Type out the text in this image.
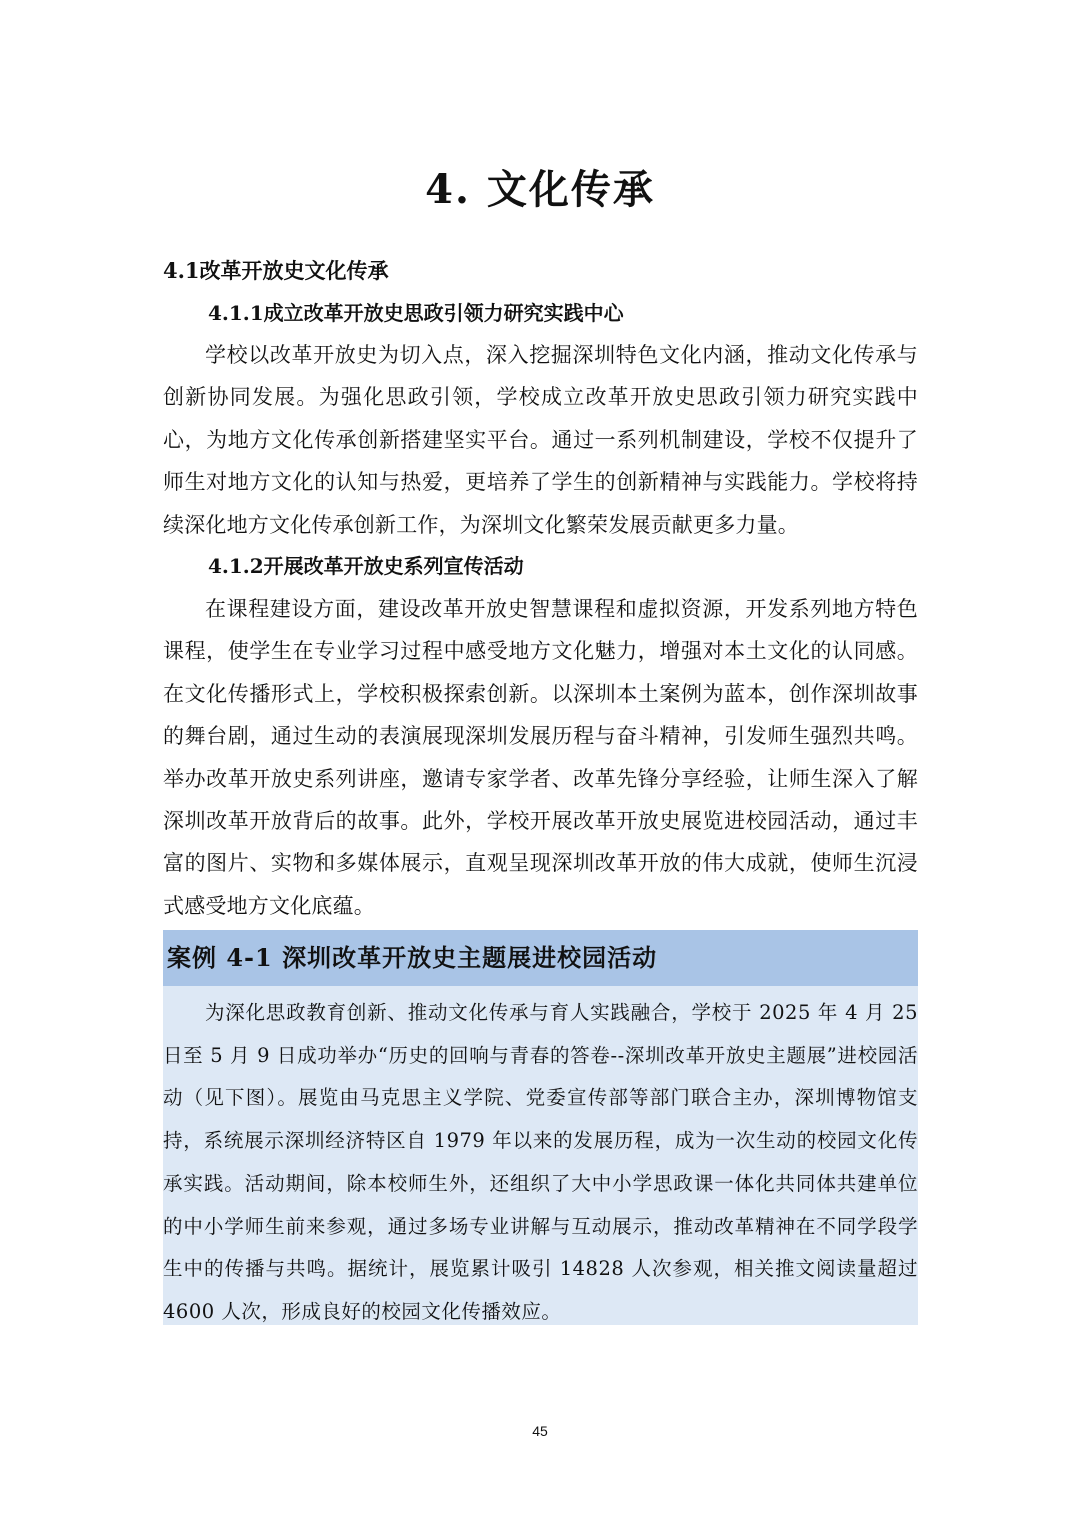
4. 文化传承
4.1改革开放史文化传承
4.1.1成立改革开放史思政引领力研究实践中心

学校以改革开放史为切入点，深入挖掘深圳特色文化内涵，推动文化传承与创新协同发展。为强化思政引领，学校成立改革开放史思政引领力研究实践中心，为地方文化传承创新搭建坚实平台。通过一系列机制建设，学校不仅提升了师生对地方文化的认知与热爱，更培养了学生的创新精神与实践能力。学校将持续深化地方文化传承创新工作，为深圳文化繁荣发展贡献更多力量。

4.1.2开展改革开放史系列宣传活动

在课程建设方面，建设改革开放史智慧课程和虚拟资源，开发系列地方特色课程，使学生在专业学习过程中感受地方文化魅力，增强对本土文化的认同感。在文化传播形式上，学校积极探索创新。以深圳本土案例为蓝本，创作深圳故事的舞台剧，通过生动的表演展现深圳发展历程与奋斗精神，引发师生强烈共鸣。举办改革开放史系列讲座，邀请专家学者、改革先锋分享经验，让师生深入了解深圳改革开放背后的故事。此外，学校开展改革开放史展览进校园活动，通过丰富的图片、实物和多媒体展示，直观呈现深圳改革开放的伟大成就，使师生沉浸式感受地方文化底蕴。

案例 4-1 深圳改革开放史主题展进校园活动

为深化思政教育创新、推动文化传承与育人实践融合，学校于 2025 年 4 月 25 日至 5 月 9 日成功举办“历史的回响与青春的答卷--深圳改革开放史主题展”进校园活动（见下图）。展览由马克思主义学院、党委宣传部等部门联合主办，深圳博物馆支持，系统展示深圳经济特区自 1979 年以来的发展历程，成为一次生动的校园文化传承实践。活动期间，除本校师生外，还组织了大中小学思政课一体化共同体共建单位的中小学师生前来参观，通过多场专业讲解与互动展示，推动改革精神在不同学段学生中的传播与共鸣。据统计，展览累计吸引 14828 人次参观，相关推文阅读量超过 4600 人次，形成良好的校园文化传播效应。

45
